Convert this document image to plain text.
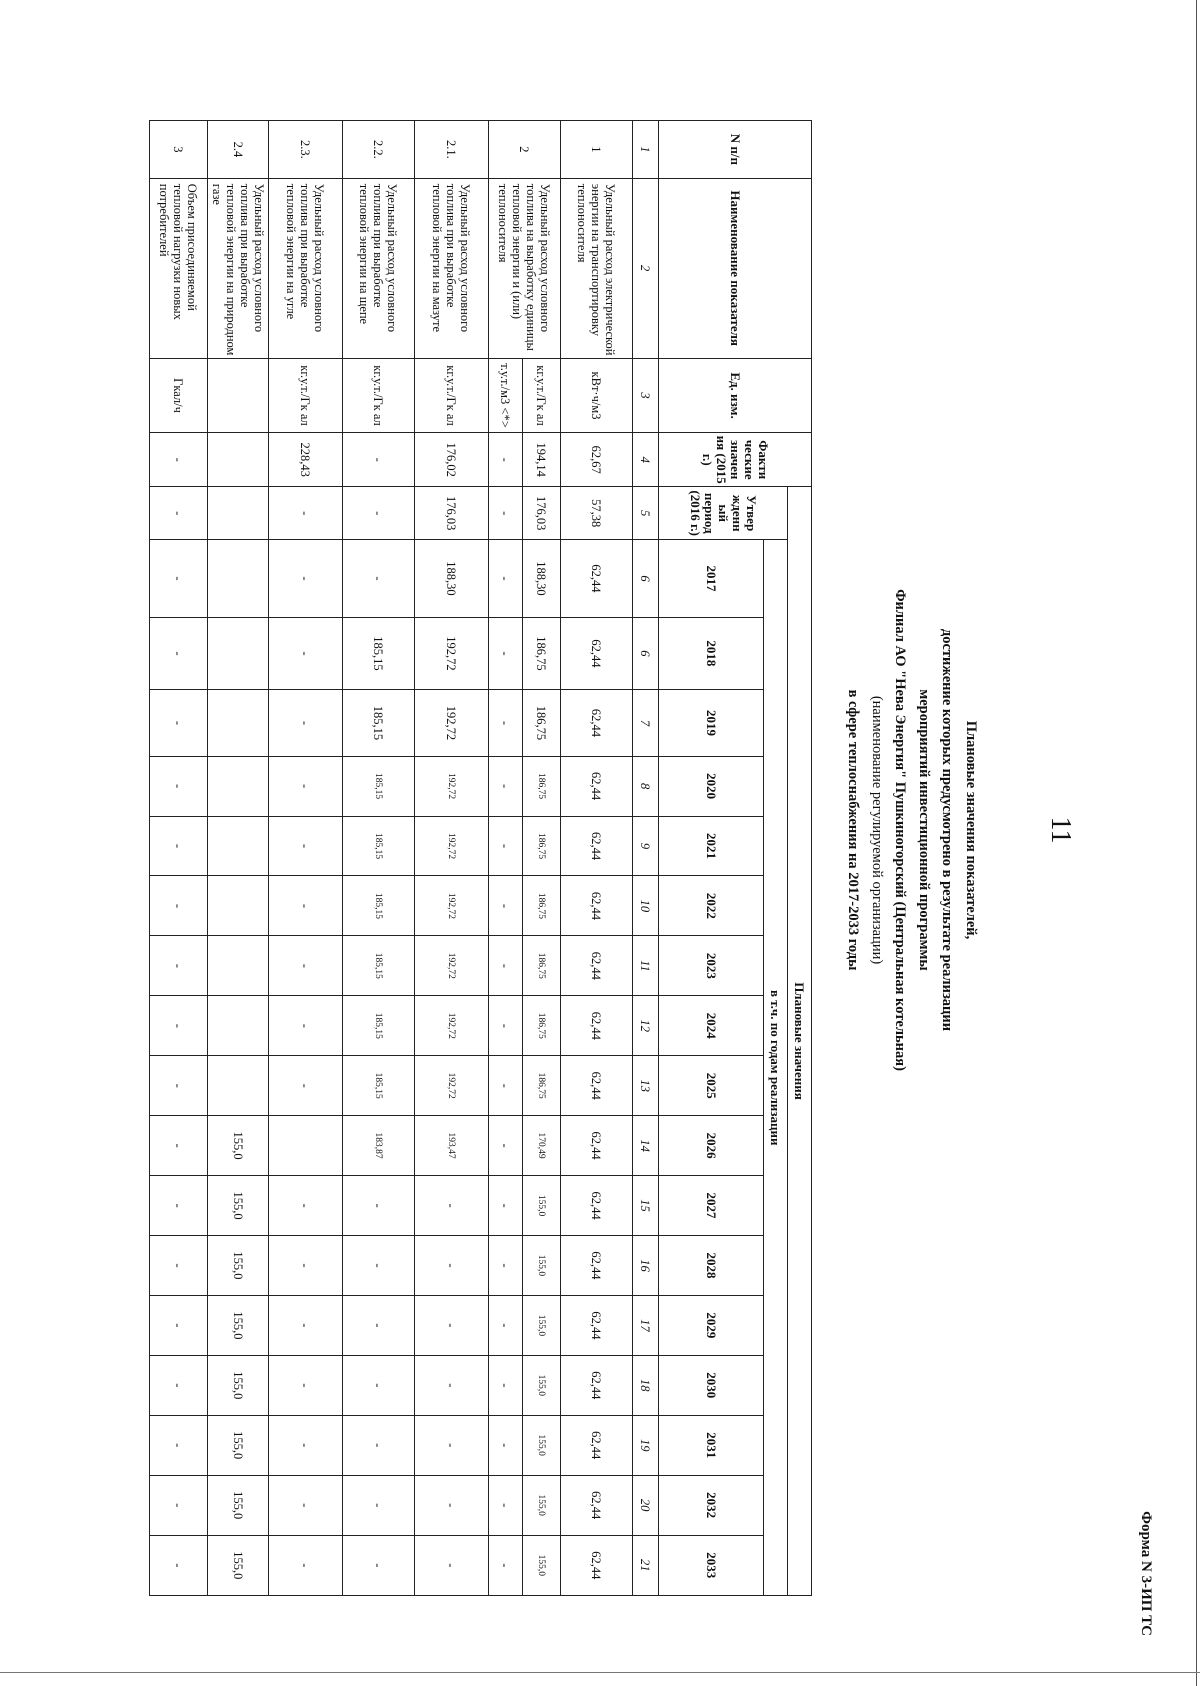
Форма N 3-ИП ТС
11
Плановые значения показателей,
достижение которых предусмотрено в результате реализации
мероприятий инвестиционной программы
Филиал АО "Нева Энергия" Пушкиногорский (Центральная котельная)
(наименование регулируемой организации)
в сфере теплоснабжения на 2017-2033 годы
N п/п	Наименование показателя	Ед. изм.	Факти ческие значен ия (2015 г.)	Плановые значения																	
				Утвер жденн ый период (2016 г.)	в т.ч. по годам реализации																
					2017	2018	2019	2020	2021	2022	2023	2024	2025	2026	2027	2028	2029	2030	2031	2032	2033
1	2	3	4	5	6	6	7	8	9	10	11	12	13	14	15	16	17	18	19	20	21
1	Удельный расход электрической энергии на транспортировку теплоносителя	кВт·ч/м3	62,67	57,38	62,44	62,44	62,44	62,44	62,44	62,44	62,44	62,44	62,44	62,44	62,44	62,44	62,44	62,44	62,44	62,44	62,44
2	Удельный расход условного топлива на выработку единицы тепловой энергии и (или) теплоносителя	кг.у.т./Гк ал	194,14	176,03	188,30	186,75	186,75	186,75	186,75	186,75	186,75	186,75	186,75	170,49	155,0	155,0	155,0	155,0	155,0	155,0	155,0
		т.у.т./м3 <*>	-	-	-	-	-	-	-	-	-	-	-	-	-	-	-	-	-	-	-
2.1.	Удельный расход условного топлива при выработке тепловой энергии на мазуте	кг.у.т./Гк ал	176,02	176,03	188,30	192,72	192,72	192,72	192,72	192,72	192,72	192,72	192,72	193,47	-	-	-	-	-	-	-
2.2.	Удельный расход условного топлива при выработке тепловой энергии на щепе	кг.у.т./Гк ал	-	-	-	185,15	185,15	185,15	185,15	185,15	185,15	185,15	185,15	183,87	-	-	-	-	-	-	-
2.3.	Удельный расход условного топлива при выработке тепловой энергии на угле	кг.у.т./Гк ал	228,43	-	-	-	-	-	-	-	-	-	-		-	-	-	-	-	-	-
2.4	Удельный расход условного топлива при выработке тепловой энергии на природном газе													155,0	155,0	155,0	155,0	155,0	155,0	155,0	155,0
3	Объем присоединяемой тепловой нагрузки новых потребителей	Гкал/ч	-	-	-	-	-	-	-	-	-	-	-	-	-	-	-	-	-	-	-
